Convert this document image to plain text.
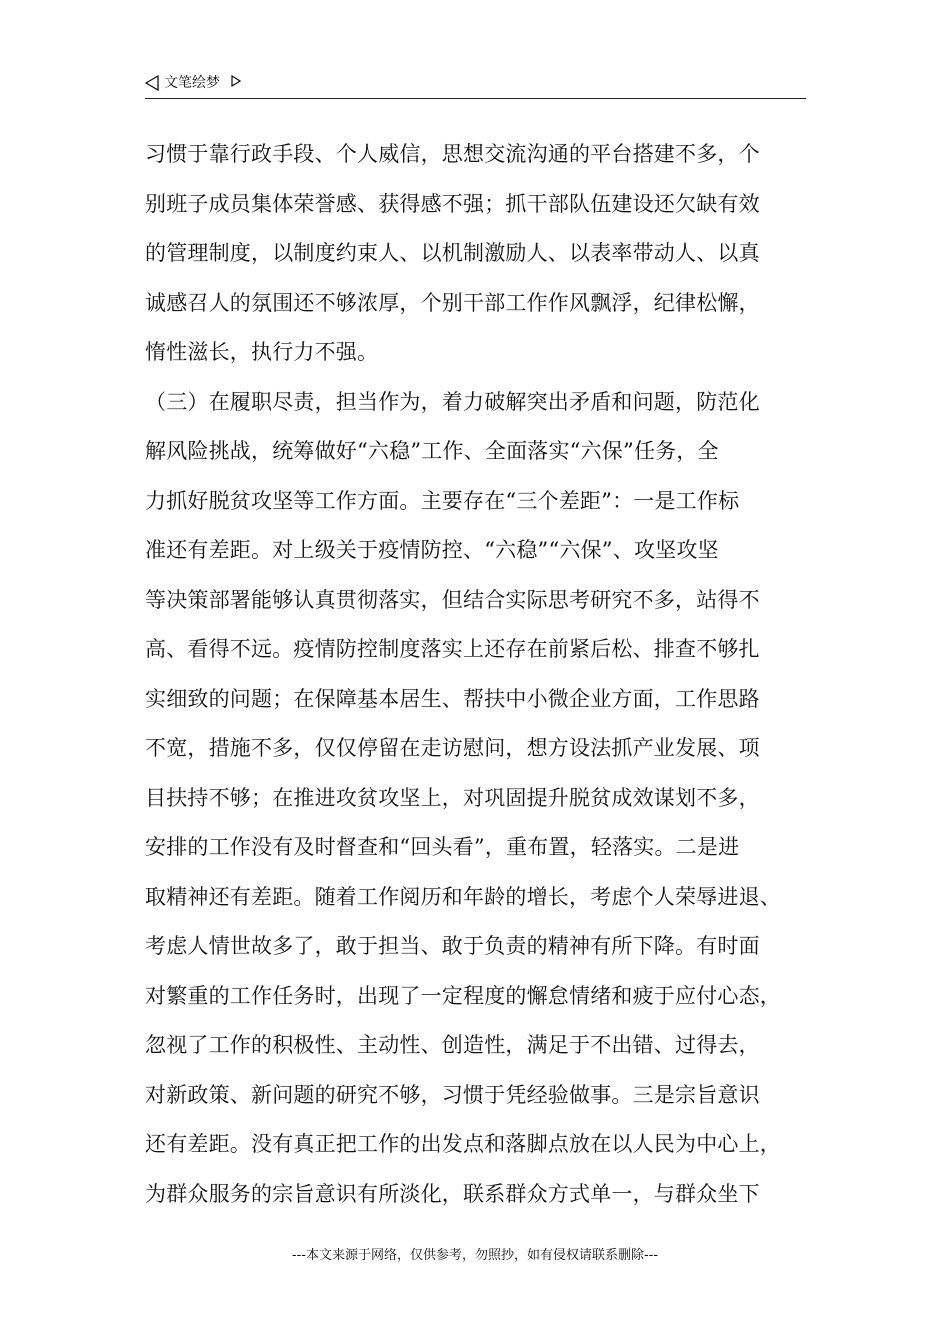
文笔绘梦
习惯于靠行政手段、个人威信，思想交流沟通的平台搭建不多，个
别班子成员集体荣誉感、获得感不强；抓干部队伍建设还欠缺有效
的管理制度，以制度约束人、以机制激励人、以表率带动人、以真
诚感召人的氛围还不够浓厚，个别干部工作作风飘浮，纪律松懈，
惰性滋长，执行力不强。
（三）在履职尽责，担当作为，着力破解突出矛盾和问题，防范化
解风险挑战，统筹做好“六稳”工作、全面落实“六保”任务，全
力抓好脱贫攻坚等工作方面。主要存在“三个差距”：一是工作标
准还有差距。对上级关于疫情防控、“六稳”“六保”、攻坚攻坚
等决策部署能够认真贯彻落实，但结合实际思考研究不多，站得不
高、看得不远。疫情防控制度落实上还存在前紧后松、排查不够扎
实细致的问题；在保障基本居生、帮扶中小微企业方面，工作思路
不宽，措施不多，仅仅停留在走访慰问，想方设法抓产业发展、项
目扶持不够；在推进攻贫攻坚上，对巩固提升脱贫成效谋划不多，
安排的工作没有及时督查和“回头看”，重布置，轻落实。二是进
取精神还有差距。随着工作阅历和年龄的增长，考虑个人荣辱进退、
考虑人情世故多了，敢于担当、敢于负责的精神有所下降。有时面
对繁重的工作任务时，出现了一定程度的懈怠情绪和疲于应付心态，
忽视了工作的积极性、主动性、创造性，满足于不出错、过得去，
对新政策、新问题的研究不够，习惯于凭经验做事。三是宗旨意识
还有差距。没有真正把工作的出发点和落脚点放在以人民为中心上，
为群众服务的宗旨意识有所淡化，联系群众方式单一，与群众坐下
---本文来源于网络，仅供参考，勿照抄，如有侵权请联系删除---
